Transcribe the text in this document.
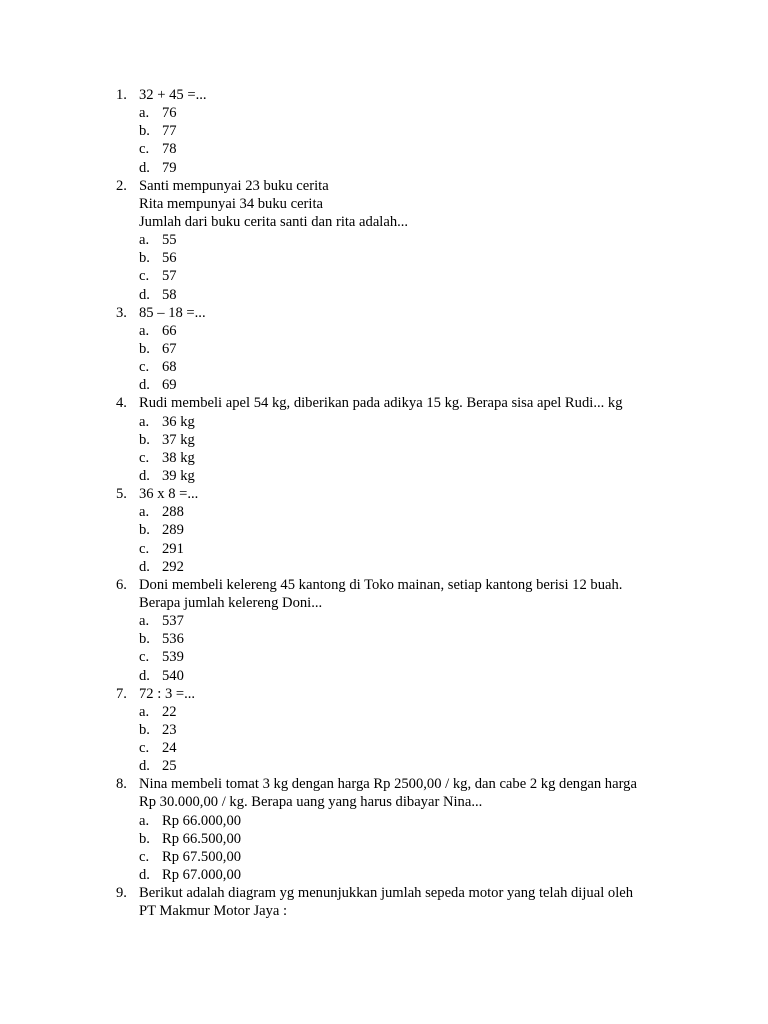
1. 32 + 45 =...
a. 76
b. 77
c. 78
d. 79
2. Santi mempunyai 23 buku cerita
Rita mempunyai 34 buku cerita
Jumlah dari buku cerita santi dan rita adalah...
a. 55
b. 56
c. 57
d. 58
3. 85 – 18 =...
a. 66
b. 67
c. 68
d. 69
4. Rudi membeli apel 54 kg, diberikan pada adikya 15 kg. Berapa sisa apel Rudi... kg
a. 36 kg
b. 37 kg
c. 38 kg
d. 39 kg
5. 36 x 8 =...
a. 288
b. 289
c. 291
d. 292
6. Doni membeli kelereng 45 kantong di Toko mainan, setiap kantong berisi 12 buah.
Berapa jumlah kelereng Doni...
a. 537
b. 536
c. 539
d. 540
7. 72 : 3 =...
a. 22
b. 23
c. 24
d. 25
8. Nina membeli tomat 3 kg dengan harga Rp 2500,00 / kg, dan cabe 2 kg dengan harga
Rp 30.000,00 / kg. Berapa uang yang harus dibayar Nina...
a. Rp 66.000,00
b. Rp 66.500,00
c. Rp 67.500,00
d. Rp 67.000,00
9. Berikut adalah diagram yg menunjukkan jumlah sepeda motor yang telah dijual oleh
PT Makmur Motor Jaya :
